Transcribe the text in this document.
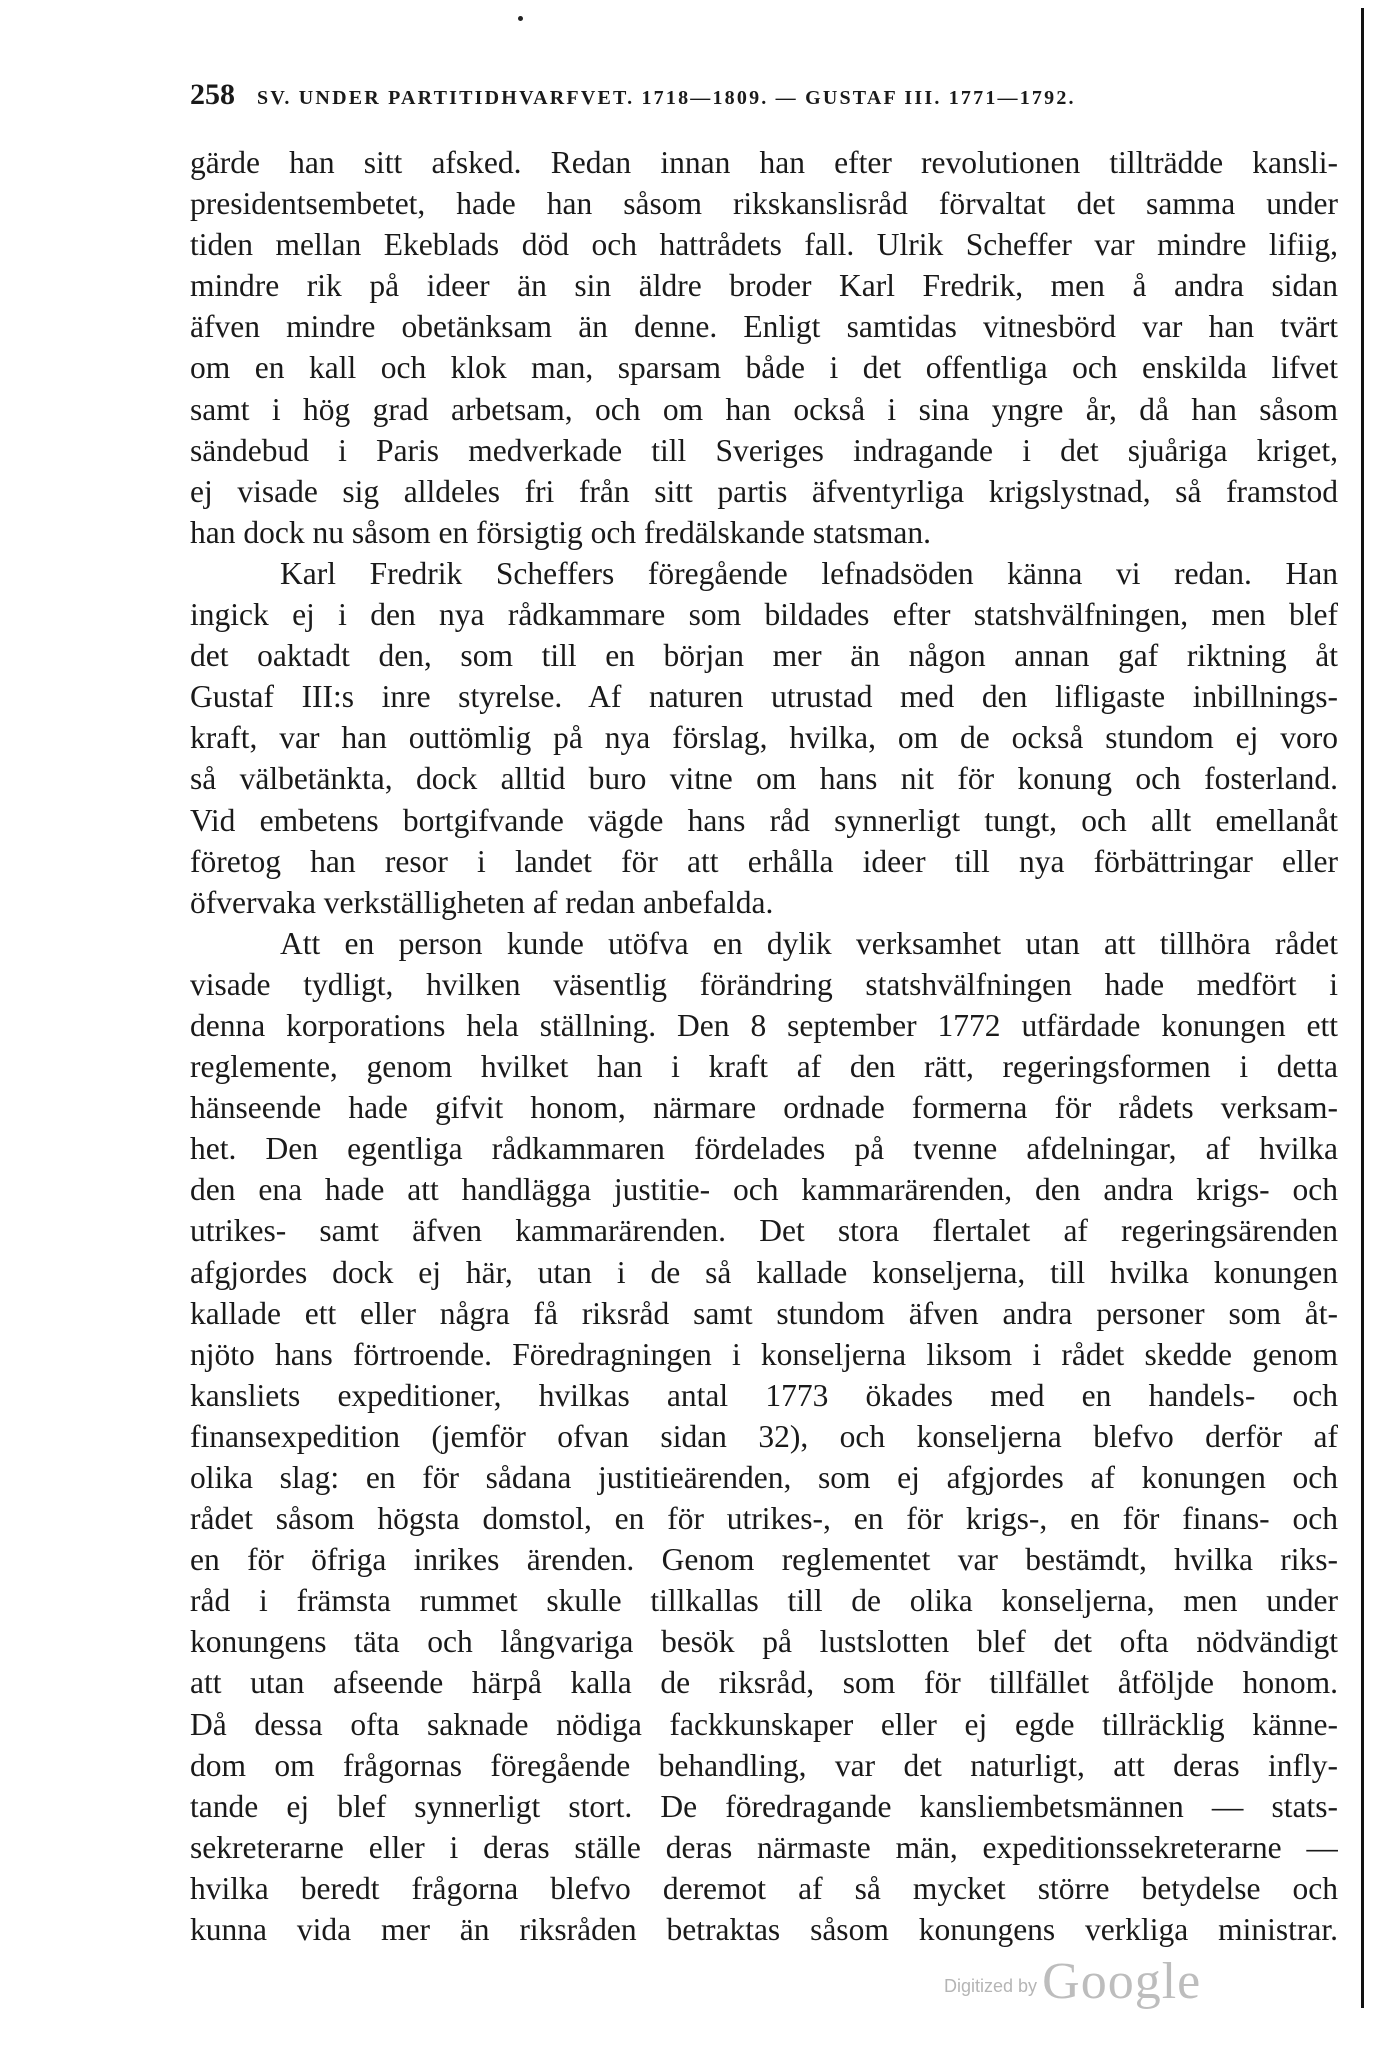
258 SV. UNDER PARTITIDHVARFVET. 1718—1809. — GUSTAF III. 1771—1792.
gärde han sitt afsked. Redan innan han efter revolutionen tillträdde kansli-
presidentsembetet, hade han såsom rikskanslisråd förvaltat det samma under
tiden mellan Ekeblads död och hattrådets fall. Ulrik Scheffer var mindre lifiig,
mindre rik på ideer än sin äldre broder Karl Fredrik, men å andra sidan
äfven mindre obetänksam än denne. Enligt samtidas vitnesbörd var han tvärt
om en kall och klok man, sparsam både i det offentliga och enskilda lifvet
samt i hög grad arbetsam, och om han också i sina yngre år, då han såsom
sändebud i Paris medverkade till Sveriges indragande i det sjuåriga kriget,
ej visade sig alldeles fri från sitt partis äfventyrliga krigslystnad, så framstod
han dock nu såsom en försigtig och fredälskande statsman.
Karl Fredrik Scheffers föregående lefnadsöden känna vi redan. Han
ingick ej i den nya rådkammare som bildades efter statshvälfningen, men blef
det oaktadt den, som till en början mer än någon annan gaf riktning åt
Gustaf III:s inre styrelse. Af naturen utrustad med den lifligaste inbillnings-
kraft, var han outtömlig på nya förslag, hvilka, om de också stundom ej voro
så välbetänkta, dock alltid buro vitne om hans nit för konung och fosterland.
Vid embetens bortgifvande vägde hans råd synnerligt tungt, och allt emellanåt
företog han resor i landet för att erhålla ideer till nya förbättringar eller
öfvervaka verkställigheten af redan anbefalda.
Att en person kunde utöfva en dylik verksamhet utan att tillhöra rådet
visade tydligt, hvilken väsentlig förändring statshvälfningen hade medfört i
denna korporations hela ställning. Den 8 september 1772 utfärdade konungen ett
reglemente, genom hvilket han i kraft af den rätt, regeringsformen i detta
hänseende hade gifvit honom, närmare ordnade formerna för rådets verksam-
het. Den egentliga rådkammaren fördelades på tvenne afdelningar, af hvilka
den ena hade att handlägga justitie- och kammarärenden, den andra krigs- och
utrikes- samt äfven kammarärenden. Det stora flertalet af regeringsärenden
afgjordes dock ej här, utan i de så kallade konseljerna, till hvilka konungen
kallade ett eller några få riksråd samt stundom äfven andra personer som åt-
njöto hans förtroende. Föredragningen i konseljerna liksom i rådet skedde genom
kansliets expeditioner, hvilkas antal 1773 ökades med en handels- och
finansexpedition (jemför ofvan sidan 32), och konseljerna blefvo derför af
olika slag: en för sådana justitieärenden, som ej afgjordes af konungen och
rådet såsom högsta domstol, en för utrikes-, en för krigs-, en för finans- och
en för öfriga inrikes ärenden. Genom reglementet var bestämdt, hvilka riks-
råd i främsta rummet skulle tillkallas till de olika konseljerna, men under
konungens täta och långvariga besök på lustslotten blef det ofta nödvändigt
att utan afseende härpå kalla de riksråd, som för tillfället åtföljde honom.
Då dessa ofta saknade nödiga fackkunskaper eller ej egde tillräcklig känne-
dom om frågornas föregående behandling, var det naturligt, att deras infly-
tande ej blef synnerligt stort. De föredragande kansliembetsmännen — stats-
sekreterarne eller i deras ställe deras närmaste män, expeditionssekreterarne —
hvilka beredt frågorna blefvo deremot af så mycket större betydelse och
kunna vida mer än riksråden betraktas såsom konungens verkliga ministrar.
Digitized by Google
